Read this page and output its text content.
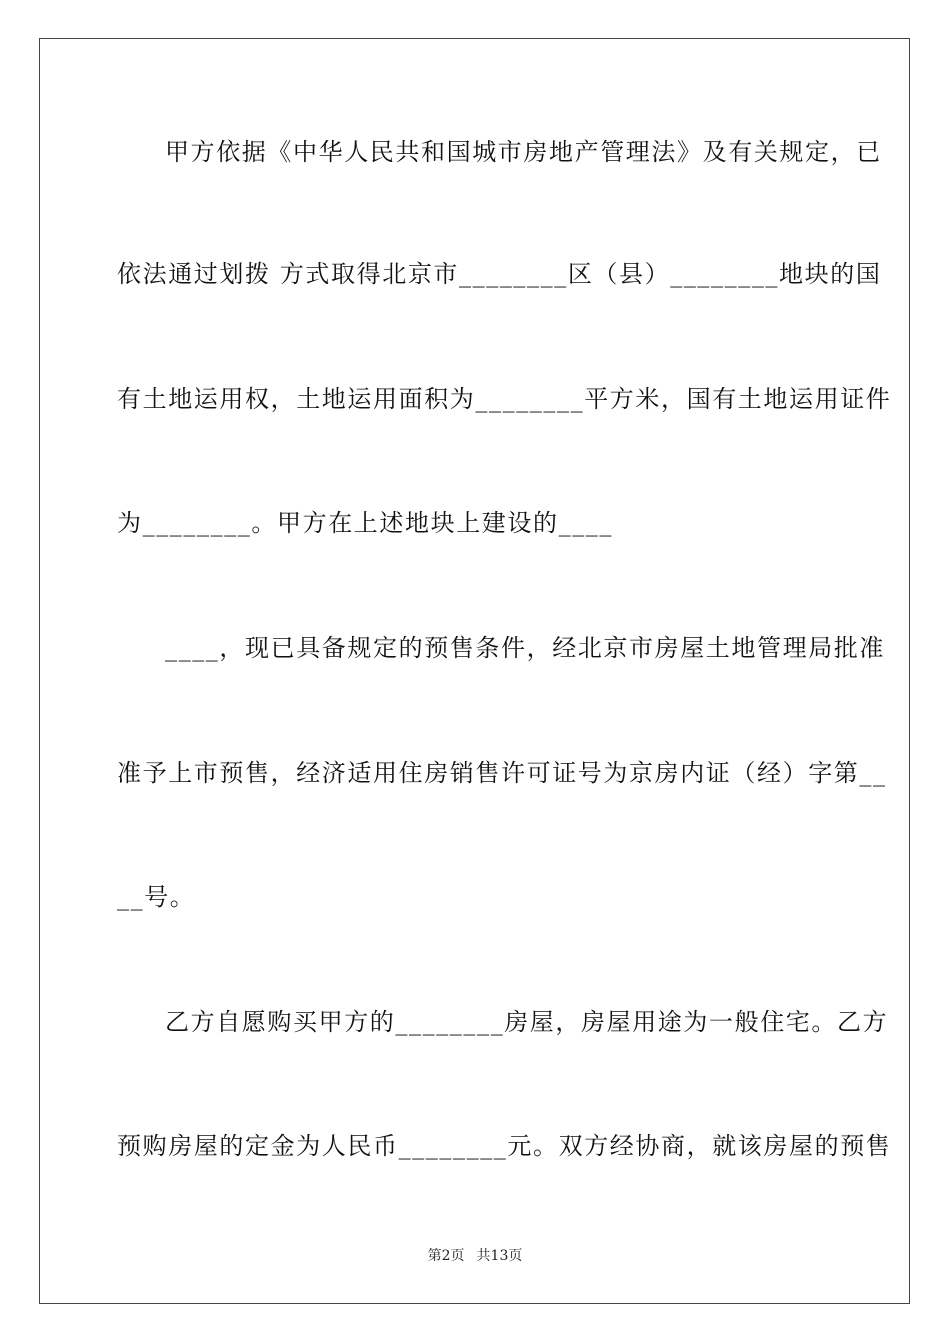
甲方依据《中华人民共和国城市房地产管理法》及有关规定，已
依法通过划拨 方式取得北京市________区（县）________地块的国
有土地运用权，土地运用面积为________平方米，国有土地运用证件
为________。甲方在上述地块上建设的____
____，现已具备规定的预售条件，经北京市房屋土地管理局批准
准予上市预售，经济适用住房销售许可证号为京房内证（经）字第__
__号。
乙方自愿购买甲方的________房屋，房屋用途为一般住宅。乙方
预购房屋的定金为人民币________元。双方经协商，就该房屋的预售
第2页 共13页
